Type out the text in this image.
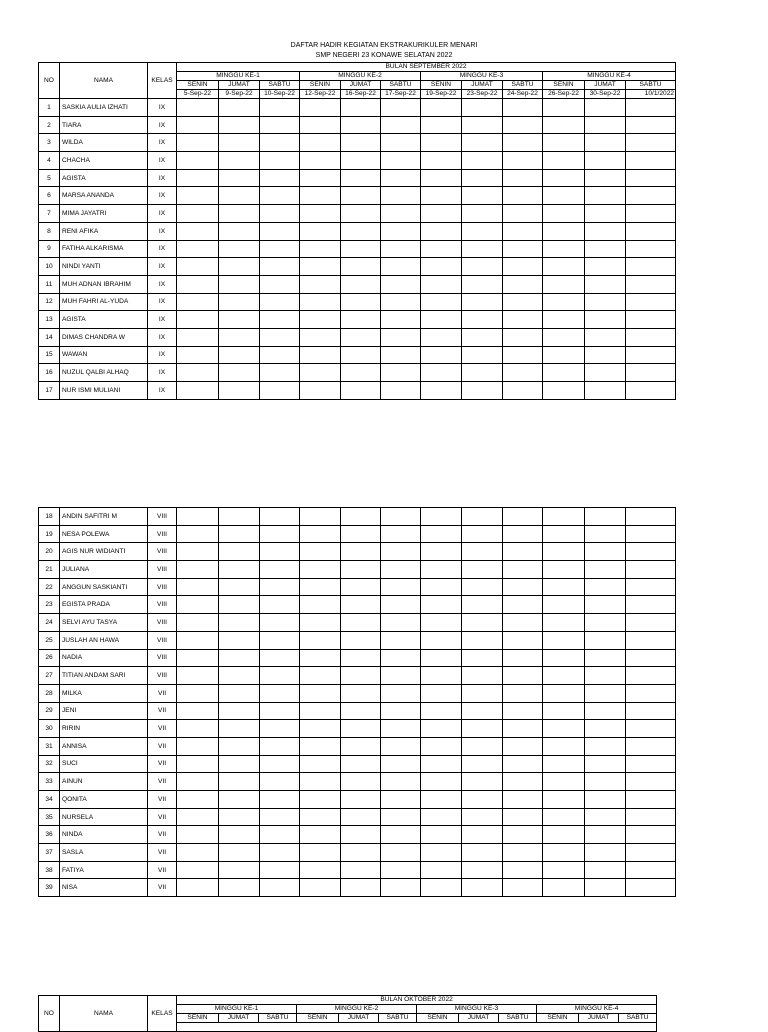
DAFTAR HADIR KEGIATAN EKSTRAKURIKULER MENARI
SMP NEGERI 23 KONAWE SELATAN 2022
NO	NAMA	KELAS	BULAN SEPTEMBER 2022											
			MINGGU KE-1			MINGGU KE-2			MINGGU KE-3			MINGGU KE-4		
			SENIN	JUMAT	SABTU	SENIN	JUMAT	SABTU	SENIN	JUMAT	SABTU	SENIN	JUMAT	SABTU
			5-Sep-22	9-Sep-22	10-Sep-22	12-Sep-22	16-Sep-22	17-Sep-22	19-Sep-22	23-Sep-22	24-Sep-22	26-Sep-22	30-Sep-22	10/1/2022
1	SASKIA AULIA IZHATI	IX												
2	TIARA	IX												
3	WILDA	IX												
4	CHACHA	IX												
5	AGISTA	IX												
6	MARSA ANANDA	IX												
7	MIMA JAYATRI	IX												
8	RENI AFIKA	IX												
9	FATIHA ALKARISMA	IX												
10	NINDI YANTI	IX												
11	MUH ADNAN IBRAHIM	IX												
12	MUH FAHRI AL-YUDA	IX												
13	AGISTA	IX												
14	DIMAS CHANDRA W	IX												
15	WAWAN	IX												
16	NUZUL QALBI ALHAQ	IX												
17	NUR ISMI MULIANI	IX												
18	ANDIN SAFITRI M	VIII												
19	NESA POLEWA	VIII												
20	AGIS NUR WIDIANTI	VIII												
21	JULIANA	VIII												
22	ANGGUN SASKIANTI	VIII												
23	EGISTA PRADA	VIII												
24	SELVI AYU TASYA	VIII												
25	JUSLAH AN HAWA	VIII												
26	NADIA	VIII												
27	TITIAN ANDAM SARI	VIII												
28	MILKA	VII												
29	JENI	VII												
30	RIRIN	VII												
31	ANNISA	VII												
32	SUCI	VII												
33	AINUN	VII												
34	QONITA	VII												
35	NURSELA	VII												
36	NINDA	VII												
37	SASLA	VII												
38	FATIYA	VII												
39	NISA	VII												
NO	NAMA	KELAS	BULAN OKTOBER 2022											
			MINGGU KE-1			MINGGU KE-2			MINGGU KE-3			MINGGU KE-4		
			SENIN	JUMAT	SABTU	SENIN	JUMAT	SABTU	SENIN	JUMAT	SABTU	SENIN	JUMAT	SABTU
